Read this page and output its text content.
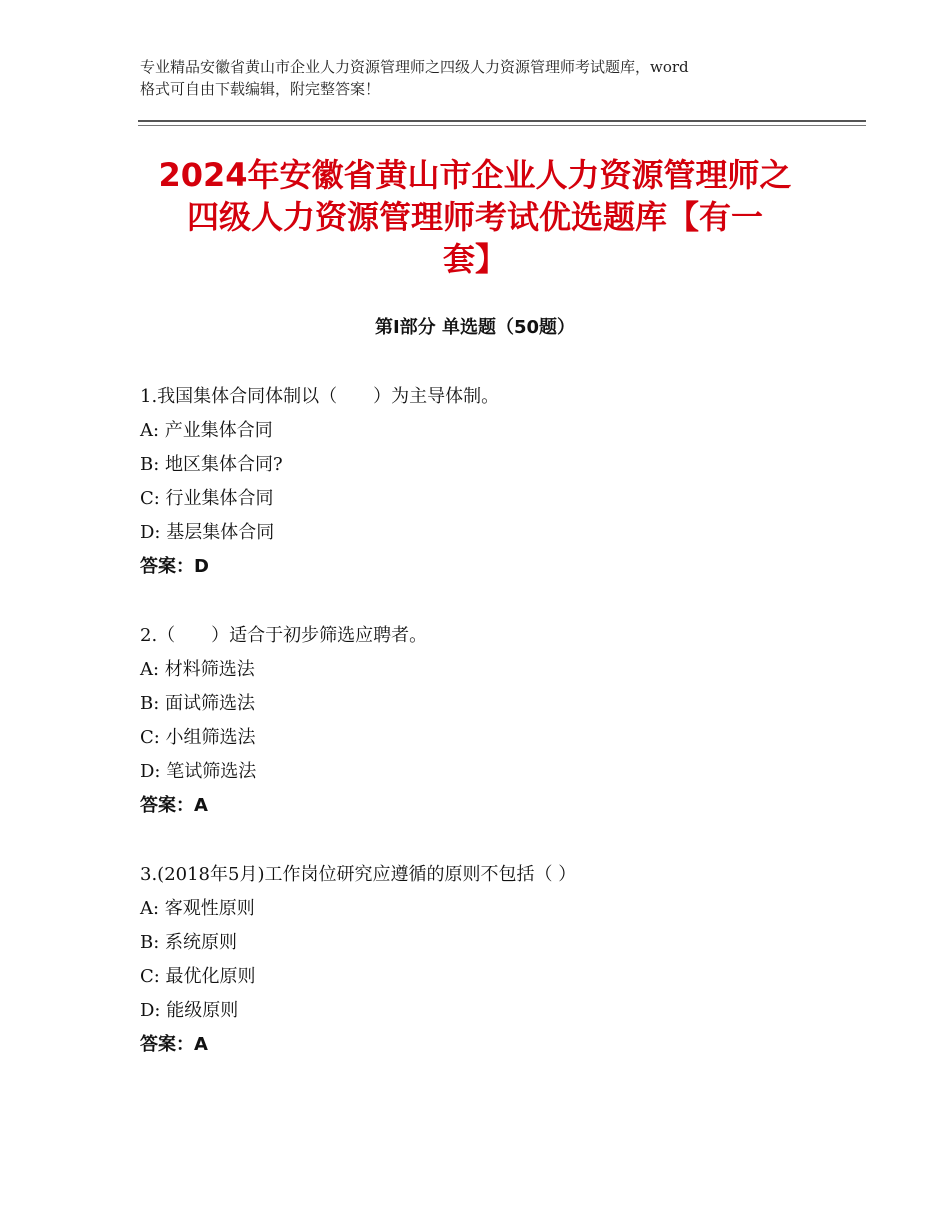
专业精品安徽省黄山市企业人力资源管理师之四级人力资源管理师考试题库，word
格式可自由下载编辑，附完整答案！
2024年安徽省黄山市企业人力资源管理师之
四级人力资源管理师考试优选题库【有一
套】
第Ⅰ部分 单选题（50题）
1.我国集体合同体制以（　　）为主导体制。
A: 产业集体合同
B: 地区集体合同?
C: 行业集体合同
D: 基层集体合同
答案：D
2.（　　）适合于初步筛选应聘者。
A: 材料筛选法
B: 面试筛选法
C: 小组筛选法
D: 笔试筛选法
答案：A
3.(2018年5月)工作岗位研究应遵循的原则不包括（ ）
A: 客观性原则
B: 系统原则
C: 最优化原则
D: 能级原则
答案：A
